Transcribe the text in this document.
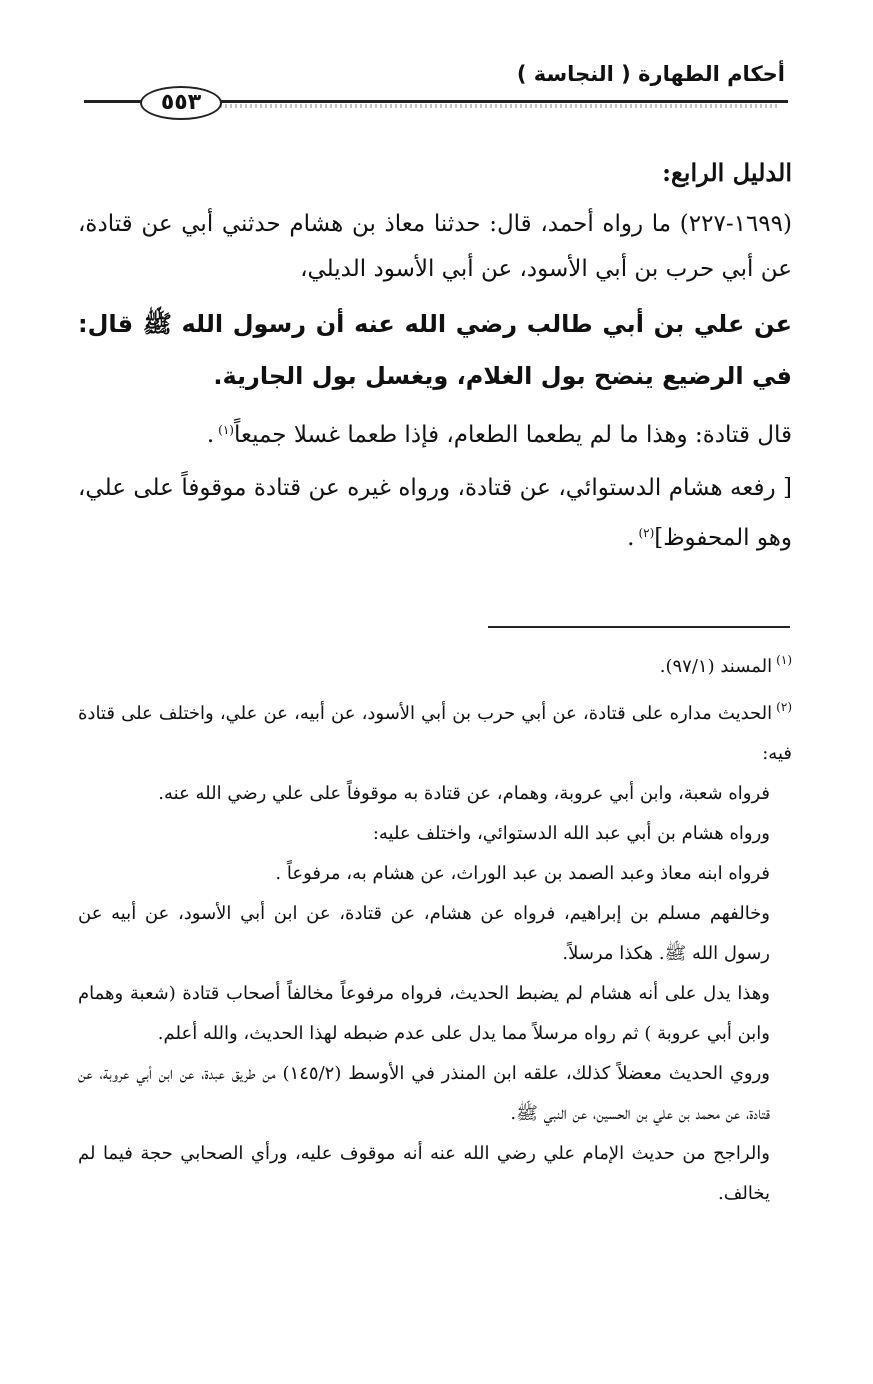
أحكام الطهارة ( النجاسة )
٥٥٣

الدليل الرابع:

(١٦٩٩-٢٢٧) ما رواه أحمد، قال: حدثنا معاذ بن هشام حدثني أبي عن قتادة، عن أبي حرب بن أبي الأسود، عن أبي الأسود الديلي،

عن علي بن أبي طالب رضي الله عنه أن رسول الله ﷺ قال: في الرضيع ينضح بول الغلام، ويغسل بول الجارية.

قال قتادة: وهذا ما لم يطعما الطعام، فإذا طعما غسلا جميعاً$^{(١)}$.

[ رفعه هشام الدستوائي، عن قتادة، ورواه غيره عن قتادة موقوفاً على علي، وهو المحفوظ]$^{(٢)}$.

$^{(١)}$المسند (٩٧/١).

$^{(٢)}$الحديث مداره على قتادة، عن أبي حرب بن أبي الأسود، عن أبيه، عن علي، واختلف على قتادة فيه:

فرواه شعبة، وابن أبي عروبة، وهمام، عن قتادة به موقوفاً على علي رضي الله عنه.

ورواه هشام بن أبي عبد الله الدستوائي، واختلف عليه:

فرواه ابنه معاذ وعبد الصمد بن عبد الوراث، عن هشام به، مرفوعاً .

وخالفهم مسلم بن إبراهيم، فرواه عن هشام، عن قتادة، عن ابن أبي الأسود، عن أبيه عن رسول الله ﷺ. هكذا مرسلاً.

وهذا يدل على أنه هشام لم يضبط الحديث، فرواه مرفوعاً مخالفاً أصحاب قتادة (شعبة وهمام وابن أبي عروبة ) ثم رواه مرسلاً مما يدل على عدم ضبطه لهذا الحديث، والله أعلم.

وروي الحديث معضلاً كذلك، علقه ابن المنذر في الأوسط (١٤٥/٢) من طريق عبدة، عن ابن أبي عروبة، عن قتادة، عن محمد بن علي بن الحسين، عن النبي ﷺ.

والراجح من حديث الإمام علي رضي الله عنه أنه موقوف عليه، ورأي الصحابي حجة فيما لم يخالف.
